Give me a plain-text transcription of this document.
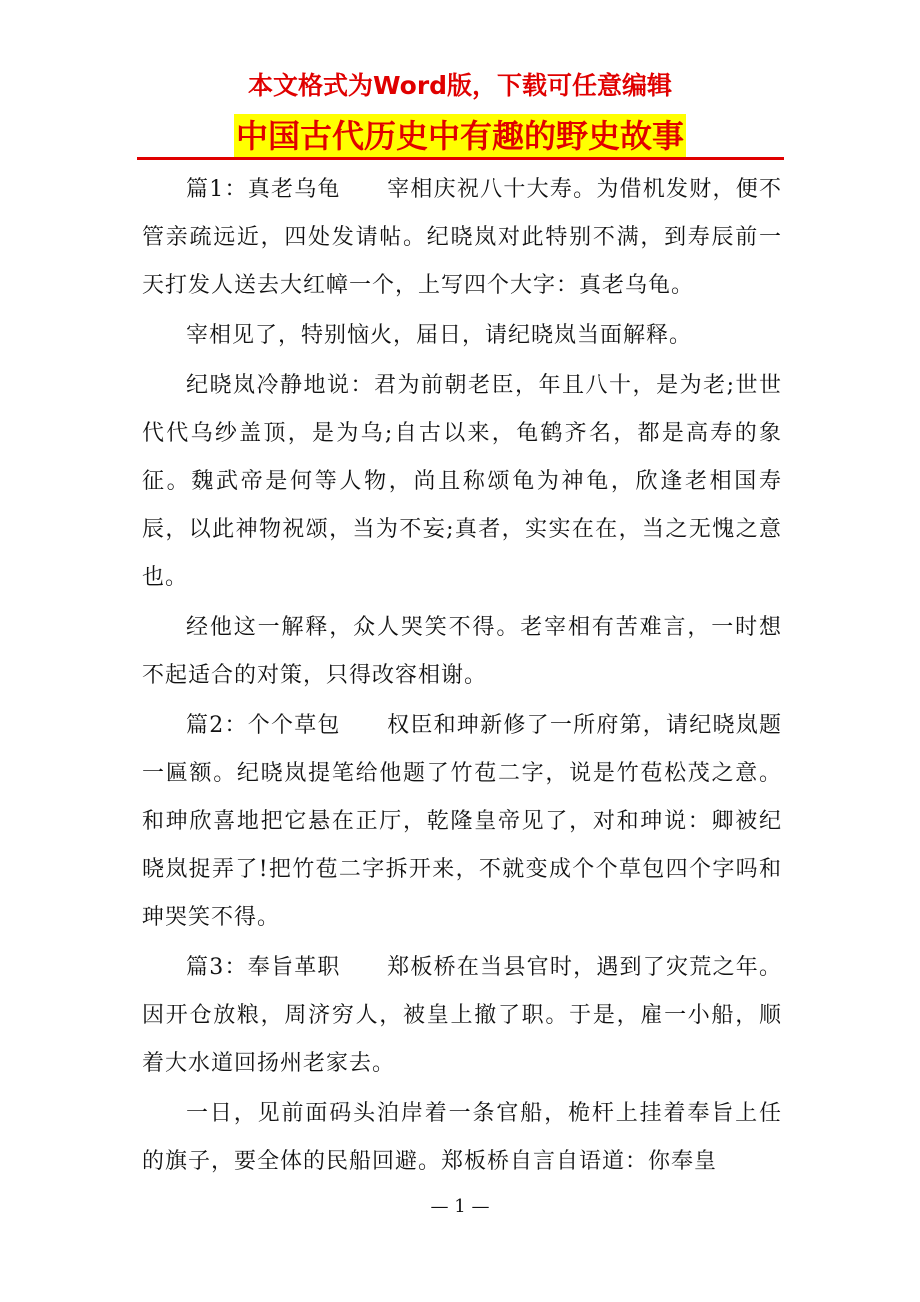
本文格式为Word版，下载可任意编辑
中国古代历史中有趣的野史故事

篇1：真老乌龟　　宰相庆祝八十大寿。为借机发财，便不管亲疏远近，四处发请帖。纪晓岚对此特别不满，到寿辰前一天打发人送去大红幛一个，上写四个大字：真老乌龟。

宰相见了，特别恼火，届日，请纪晓岚当面解释。

纪晓岚冷静地说：君为前朝老臣，年且八十，是为老;世世代代乌纱盖顶，是为乌;自古以来，龟鹤齐名，都是高寿的象征。魏武帝是何等人物，尚且称颂龟为神龟，欣逢老相国寿辰，以此神物祝颂，当为不妄;真者，实实在在，当之无愧之意也。

经他这一解释，众人哭笑不得。老宰相有苦难言，一时想不起适合的对策，只得改容相谢。

篇2：个个草包　　权臣和珅新修了一所府第，请纪晓岚题一匾额。纪晓岚提笔给他题了竹苞二字，说是竹苞松茂之意。和珅欣喜地把它悬在正厅，乾隆皇帝见了，对和珅说：卿被纪晓岚捉弄了!把竹苞二字拆开来，不就变成个个草包四个字吗和珅哭笑不得。

篇3：奉旨革职　　郑板桥在当县官时，遇到了灾荒之年。因开仓放粮，周济穷人，被皇上撤了职。于是，雇一小船，顺着大水道回扬州老家去。

一日，见前面码头泊岸着一条官船，桅杆上挂着奉旨上任的旗子，要全体的民船回避。郑板桥自言自语道：你奉皇

— 1 —
